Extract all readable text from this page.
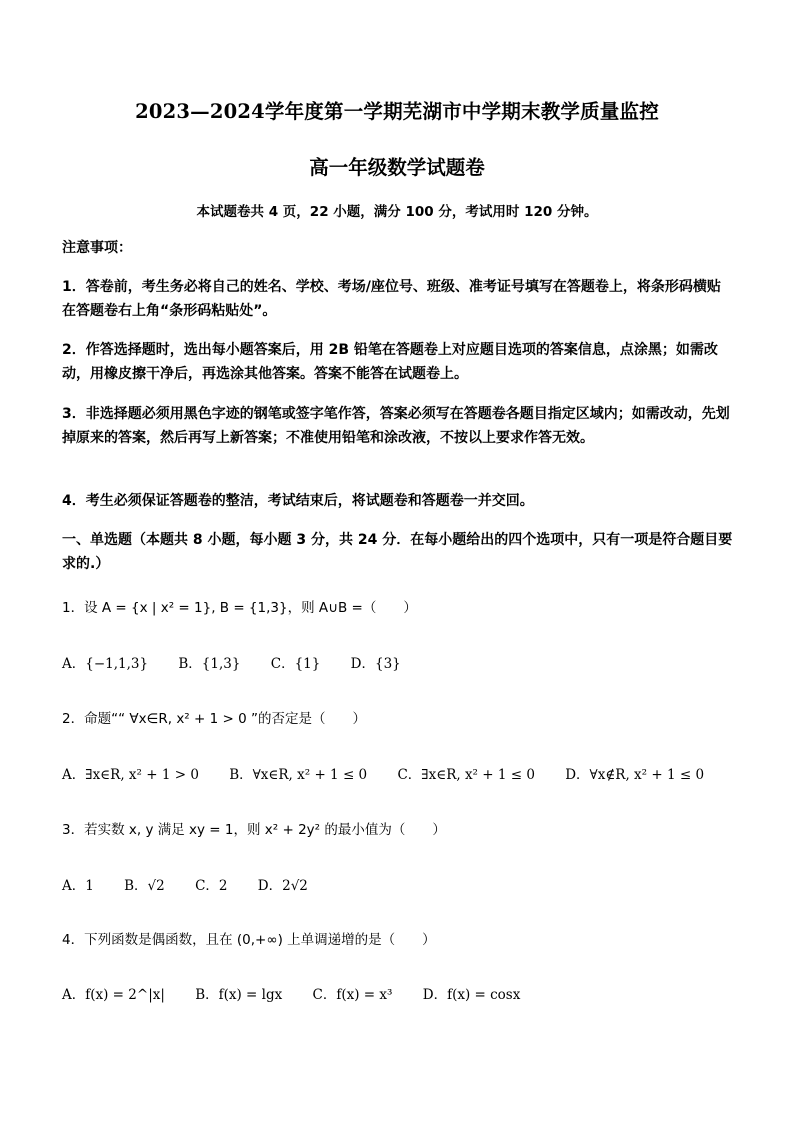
2023—2024学年度第一学期芜湖市中学期末教学质量监控
高一年级数学试题卷
本试题卷共 4 页，22 小题，满分 100 分，考试用时 120 分钟。
注意事项：
1．答卷前，考生务必将自己的姓名、学校、考场/座位号、班级、准考证号填写在答题卷上，将条形码横贴在答题卷右上角“条形码粘贴处”。
2．作答选择题时，选出每小题答案后，用 2B 铅笔在答题卷上对应题目选项的答案信息，点涂黑；如需改动，用橡皮擦干净后，再选涂其他答案。答案不能答在试题卷上。
3．非选择题必须用黑色字迹的钢笔或签字笔作答，答案必须写在答题卷各题目指定区域内；如需改动，先划掉原来的答案，然后再写上新答案；不准使用铅笔和涂改液，不按以上要求作答无效。
4．考生必须保证答题卷的整洁，考试结束后，将试题卷和答题卷一并交回。
一、单选题（本题共 8 小题，每小题 3 分，共 24 分．在每小题给出的四个选项中，只有一项是符合题目要求的.）
1．设 A = {x | x² = 1}, B = {1,3}，则 A∪B =（　　）
A．{−1,1,3} B．{1,3} C．{1} D．{3}
2．命题““ ∀x∈R, x² + 1 > 0 ”的否定是（　　）
A．∃x∈R, x² + 1 > 0 B．∀x∈R, x² + 1 ≤ 0 C．∃x∈R, x² + 1 ≤ 0 D．∀x∉R, x² + 1 ≤ 0
3．若实数 x, y 满足 xy = 1，则 x² + 2y² 的最小值为（　　）
A．1 B．√2 C．2 D．2√2
4．下列函数是偶函数，且在 (0,+∞) 上单调递增的是（　　）
A．f(x) = 2^|x| B．f(x) = lgx C．f(x) = x³ D．f(x) = cosx
